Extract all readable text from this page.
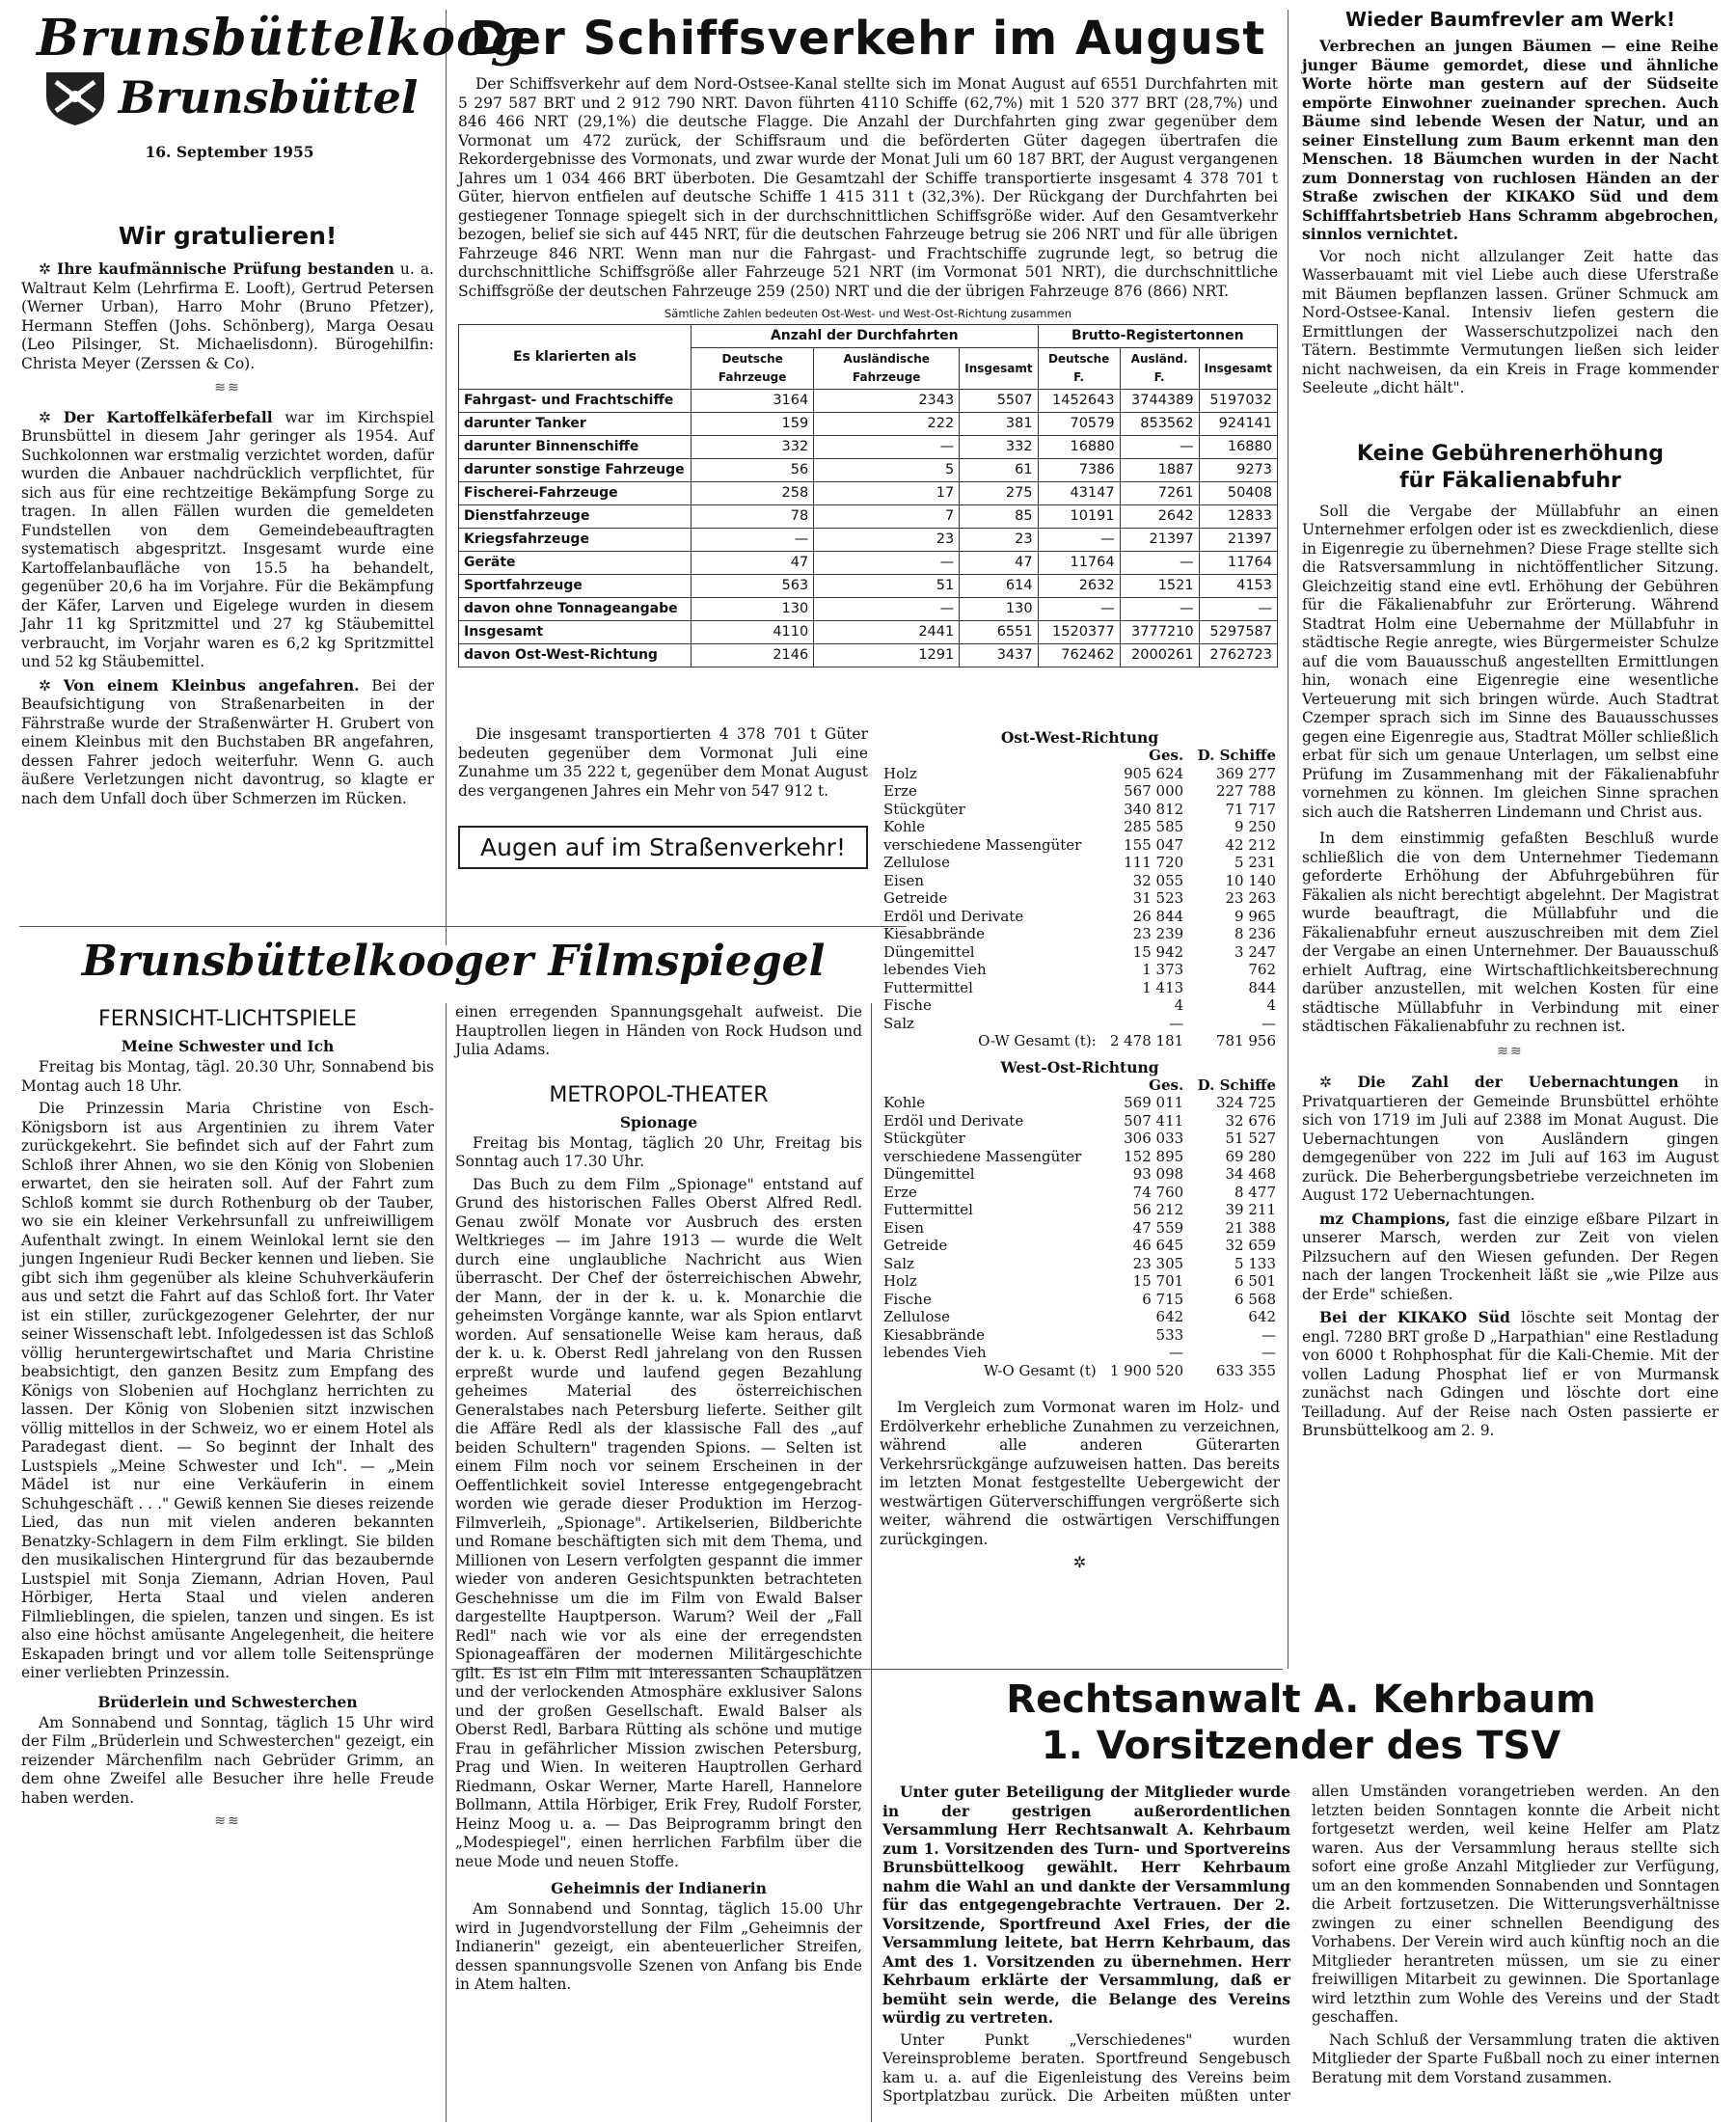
Brunsbüttelkoog
Brunsbüttel
16. September 1955
Wir gratulieren!

✲ Ihre kaufmännische Prüfung bestanden u. a. Waltraut Kelm (Lehrfirma E. Looft), Gertrud Petersen (Werner Urban), Harro Mohr (Bruno Pfetzer), Hermann Steffen (Johs. Schönberg), Marga Oesau (Leo Pilsinger, St. Michaelisdonn). Bürogehilfin: Christa Meyer (Zerssen & Co).

≋≋

✲ Der Kartoffelkäferbefall war im Kirchspiel Brunsbüttel in diesem Jahr geringer als 1954. Auf Suchkolonnen war erstmalig verzichtet worden, dafür wurden die Anbauer nachdrücklich verpflichtet, für sich aus für eine rechtzeitige Bekämpfung Sorge zu tragen. In allen Fällen wurden die gemeldeten Fundstellen von dem Gemeindebeauftragten systematisch abgespritzt. Insgesamt wurde eine Kartoffelanbaufläche von 15.5 ha behandelt, gegenüber 20,6 ha im Vorjahre. Für die Bekämpfung der Käfer, Larven und Eigelege wurden in diesem Jahr 11 kg Spritzmittel und 27 kg Stäubemittel verbraucht, im Vorjahr waren es 6,2 kg Spritzmittel und 52 kg Stäubemittel.

✲ Von einem Kleinbus angefahren. Bei der Beaufsichtigung von Straßenarbeiten in der Fährstraße wurde der Straßenwärter H. Grubert von einem Kleinbus mit den Buchstaben BR angefahren, dessen Fahrer jedoch weiterfuhr. Wenn G. auch äußere Verletzungen nicht davontrug, so klagte er nach dem Unfall doch über Schmerzen im Rücken.

Der Schiffsverkehr im August

Der Schiffsverkehr auf dem Nord-Ostsee-Kanal stellte sich im Monat August auf 6551 Durchfahrten mit 5 297 587 BRT und 2 912 790 NRT. Davon führten 4110 Schiffe (62,7%) mit 1 520 377 BRT (28,7%) und 846 466 NRT (29,1%) die deutsche Flagge. Die Anzahl der Durchfahrten ging zwar gegenüber dem Vormonat um 472 zurück, der Schiffsraum und die beförderten Güter dagegen übertrafen die Rekordergebnisse des Vormonats, und zwar wurde der Monat Juli um 60 187 BRT, der August vergangenen Jahres um 1 034 466 BRT überboten. Die Gesamtzahl der Schiffe transportierte insgesamt 4 378 701 t Güter, hiervon entfielen auf deutsche Schiffe 1 415 311 t (32,3%). Der Rückgang der Durchfahrten bei gestiegener Tonnage spiegelt sich in der durchschnittlichen Schiffsgröße wider. Auf den Gesamtverkehr bezogen, belief sie sich auf 445 NRT, für die deutschen Fahrzeuge betrug sie 206 NRT und für alle übrigen Fahrzeuge 846 NRT. Wenn man nur die Fahrgast- und Frachtschiffe zugrunde legt, so betrug die durchschnittliche Schiffsgröße aller Fahrzeuge 521 NRT (im Vormonat 501 NRT), die durchschnittliche Schiffsgröße der deutschen Fahrzeuge 259 (250) NRT und die der übrigen Fahrzeuge 876 (866) NRT.

Sämtliche Zahlen bedeuten Ost-West- und West-Ost-Richtung zusammen
Es klarierten als	Anzahl der Durchfahrten			Brutto-Registertonnen		
	Deutsche Fahrzeuge	Ausländische Fahrzeuge	Insgesamt	Deutsche F.	Ausländ. F.	Insgesamt
Fahrgast- und Frachtschiffe	3164	2343	5507	1452643	3744389	5197032
darunter Tanker	159	222	381	70579	853562	924141
darunter Binnenschiffe	332	—	332	16880	—	16880
darunter sonstige Fahrzeuge	56	5	61	7386	1887	9273
Fischerei-Fahrzeuge	258	17	275	43147	7261	50408
Dienstfahrzeuge	78	7	85	10191	2642	12833
Kriegsfahrzeuge	—	23	23	—	21397	21397
Geräte	47	—	47	11764	—	11764
Sportfahrzeuge	563	51	614	2632	1521	4153
davon ohne Tonnageangabe	130	—	130	—	—	—
Insgesamt	4110	2441	6551	1520377	3777210	5297587
davon Ost-West-Richtung	2146	1291	3437	762462	2000261	2762723

Die insgesamt transportierten 4 378 701 t Güter bedeuten gegenüber dem Vormonat Juli eine Zunahme um 35 222 t, gegenüber dem Monat August des vergangenen Jahres ein Mehr von 547 912 t.

Augen auf im Straßenverkehr!
Ost-West-Richtung
	Ges.	D. Schiffe
Holz	905 624	369 277
Erze	567 000	227 788
Stückgüter	340 812	71 717
Kohle	285 585	9 250
verschiedene Massengüter	155 047	42 212
Zellulose	111 720	5 231
Eisen	32 055	10 140
Getreide	31 523	23 263
Erdöl und Derivate	26 844	9 965
Kiesabbrände	23 239	8 236
Düngemittel	15 942	3 247
lebendes Vieh	1 373	762
Futtermittel	1 413	844
Fische	4	4
Salz	—	—
O-W Gesamt (t):	2 478 181	781 956
West-Ost-Richtung
	Ges.	D. Schiffe
Kohle	569 011	324 725
Erdöl und Derivate	507 411	32 676
Stückgüter	306 033	51 527
verschiedene Massengüter	152 895	69 280
Düngemittel	93 098	34 468
Erze	74 760	8 477
Futtermittel	56 212	39 211
Eisen	47 559	21 388
Getreide	46 645	32 659
Salz	23 305	5 133
Holz	15 701	6 501
Fische	6 715	6 568
Zellulose	642	642
Kiesabbrände	533	—
lebendes Vieh	—	—
W-O Gesamt (t)	1 900 520	633 355

Im Vergleich zum Vormonat waren im Holz- und Erdölverkehr erhebliche Zunahmen zu verzeichnen, während alle anderen Güterarten Verkehrsrückgänge aufzuweisen hatten. Das bereits im letzten Monat festgestellte Uebergewicht der westwärtigen Güterverschiffungen vergrößerte sich weiter, während die ostwärtigen Verschiffungen zurückgingen.

✲
Wieder Baumfrevler am Werk!

Verbrechen an jungen Bäumen — eine Reihe junger Bäume gemordet, diese und ähnliche Worte hörte man gestern auf der Südseite empörte Einwohner zueinander sprechen. Auch Bäume sind lebende Wesen der Natur, und an seiner Einstellung zum Baum erkennt man den Menschen. 18 Bäumchen wurden in der Nacht zum Donnerstag von ruchlosen Händen an der Straße zwischen der KIKAKO Süd und dem Schifffahrtsbetrieb Hans Schramm abgebrochen, sinnlos vernichtet.

Vor noch nicht allzulanger Zeit hatte das Wasserbauamt mit viel Liebe auch diese Uferstraße mit Bäumen bepflanzen lassen. Grüner Schmuck am Nord-Ostsee-Kanal. Intensiv liefen gestern die Ermittlungen der Wasserschutzpolizei nach den Tätern. Bestimmte Vermutungen ließen sich leider nicht nachweisen, da ein Kreis in Frage kommender Seeleute „dicht hält".

Keine Gebührenerhöhung
für Fäkalienabfuhr

Soll die Vergabe der Müllabfuhr an einen Unternehmer erfolgen oder ist es zweckdienlich, diese in Eigenregie zu übernehmen? Diese Frage stellte sich die Ratsversammlung in nichtöffentlicher Sitzung. Gleichzeitig stand eine evtl. Erhöhung der Gebühren für die Fäkalienabfuhr zur Erörterung. Während Stadtrat Holm eine Uebernahme der Müllabfuhr in städtische Regie anregte, wies Bürgermeister Schulze auf die vom Bauausschuß angestellten Ermittlungen hin, wonach eine Eigenregie eine wesentliche Verteuerung mit sich bringen würde. Auch Stadtrat Czemper sprach sich im Sinne des Bauausschusses gegen eine Eigenregie aus, Stadtrat Möller schließlich erbat für sich um genaue Unterlagen, um selbst eine Prüfung im Zusammenhang mit der Fäkalienabfuhr vornehmen zu können. Im gleichen Sinne sprachen sich auch die Ratsherren Lindemann und Christ aus.

In dem einstimmig gefaßten Beschluß wurde schließlich die von dem Unternehmer Tiedemann geforderte Erhöhung der Abfuhrgebühren für Fäkalien als nicht berechtigt abgelehnt. Der Magistrat wurde beauftragt, die Müllabfuhr und die Fäkalienabfuhr erneut auszuschreiben mit dem Ziel der Vergabe an einen Unternehmer. Der Bauausschuß erhielt Auftrag, eine Wirtschaftlichkeitsberechnung darüber anzustellen, mit welchen Kosten für eine städtische Müllabfuhr in Verbindung mit einer städtischen Fäkalienabfuhr zu rechnen ist.

≋≋

✲ Die Zahl der Uebernachtungen in Privatquartieren der Gemeinde Brunsbüttel erhöhte sich von 1719 im Juli auf 2388 im Monat August. Die Uebernachtungen von Ausländern gingen demgegenüber von 222 im Juli auf 163 im August zurück. Die Beherbergungsbetriebe verzeichneten im August 172 Uebernachtungen.

mz Champions, fast die einzige eßbare Pilzart in unserer Marsch, werden zur Zeit von vielen Pilzsuchern auf den Wiesen gefunden. Der Regen nach der langen Trockenheit läßt sie „wie Pilze aus der Erde" schießen.

Bei der KIKAKO Süd löschte seit Montag der engl. 7280 BRT große D „Harpathian" eine Restladung von 6000 t Rohphosphat für die Kali-Chemie. Mit der vollen Ladung Phosphat lief er von Murmansk zunächst nach Gdingen und löschte dort eine Teilladung. Auf der Reise nach Osten passierte er Brunsbüttelkoog am 2. 9.

Brunsbüttelkooger Filmspiegel
FERNSICHT-LICHTSPIELE
Meine Schwester und Ich

Freitag bis Montag, tägl. 20.30 Uhr, Sonnabend bis Montag auch 18 Uhr.

Die Prinzessin Maria Christine von Esch-Königsborn ist aus Argentinien zu ihrem Vater zurückgekehrt. Sie befindet sich auf der Fahrt zum Schloß ihrer Ahnen, wo sie den König von Slobenien erwartet, den sie heiraten soll. Auf der Fahrt zum Schloß kommt sie durch Rothenburg ob der Tauber, wo sie ein kleiner Verkehrsunfall zu unfreiwilligem Aufenthalt zwingt. In einem Weinlokal lernt sie den jungen Ingenieur Rudi Becker kennen und lieben. Sie gibt sich ihm gegenüber als kleine Schuhverkäuferin aus und setzt die Fahrt auf das Schloß fort. Ihr Vater ist ein stiller, zurückgezogener Gelehrter, der nur seiner Wissenschaft lebt. Infolgedessen ist das Schloß völlig heruntergewirtschaftet und Maria Christine beabsichtigt, den ganzen Besitz zum Empfang des Königs von Slobenien auf Hochglanz herrichten zu lassen. Der König von Slobenien sitzt inzwischen völlig mittellos in der Schweiz, wo er einem Hotel als Paradegast dient. — So beginnt der Inhalt des Lustspiels „Meine Schwester und Ich". — „Mein Mädel ist nur eine Verkäuferin in einem Schuhgeschäft . . ." Gewiß kennen Sie dieses reizende Lied, das nun mit vielen anderen bekannten Benatzky-Schlagern in dem Film erklingt. Sie bilden den musikalischen Hintergrund für das bezaubernde Lustspiel mit Sonja Ziemann, Adrian Hoven, Paul Hörbiger, Herta Staal und vielen anderen Filmlieblingen, die spielen, tanzen und singen. Es ist also eine höchst amüsante Angelegenheit, die heitere Eskapaden bringt und vor allem tolle Seitensprünge einer verliebten Prinzessin.

Brüderlein und Schwesterchen

Am Sonnabend und Sonntag, täglich 15 Uhr wird der Film „Brüderlein und Schwesterchen" gezeigt, ein reizender Märchenfilm nach Gebrüder Grimm, an dem ohne Zweifel alle Besucher ihre helle Freude haben werden.

≋≋

einen erregenden Spannungsgehalt aufweist. Die Hauptrollen liegen in Händen von Rock Hudson und Julia Adams.

METROPOL-THEATER
Spionage

Freitag bis Montag, täglich 20 Uhr, Freitag bis Sonntag auch 17.30 Uhr.

Das Buch zu dem Film „Spionage" entstand auf Grund des historischen Falles Oberst Alfred Redl. Genau zwölf Monate vor Ausbruch des ersten Weltkrieges — im Jahre 1913 — wurde die Welt durch eine unglaubliche Nachricht aus Wien überrascht. Der Chef der österreichischen Abwehr, der Mann, der in der k. u. k. Monarchie die geheimsten Vorgänge kannte, war als Spion entlarvt worden. Auf sensationelle Weise kam heraus, daß der k. u. k. Oberst Redl jahrelang von den Russen erpreßt wurde und laufend gegen Bezahlung geheimes Material des österreichischen Generalstabes nach Petersburg lieferte. Seither gilt die Affäre Redl als der klassische Fall des „auf beiden Schultern" tragenden Spions. — Selten ist einem Film noch vor seinem Erscheinen in der Oeffentlichkeit soviel Interesse entgegengebracht worden wie gerade dieser Produktion im Herzog-Filmverleih, „Spionage". Artikelserien, Bildberichte und Romane beschäftigten sich mit dem Thema, und Millionen von Lesern verfolgten gespannt die immer wieder von anderen Gesichtspunkten betrachteten Geschehnisse um die im Film von Ewald Balser dargestellte Hauptperson. Warum? Weil der „Fall Redl" nach wie vor als eine der erregendsten Spionageaffären der modernen Militärgeschichte gilt. Es ist ein Film mit interessanten Schauplätzen und der verlockenden Atmosphäre exklusiver Salons und der großen Gesellschaft. Ewald Balser als Oberst Redl, Barbara Rütting als schöne und mutige Frau in gefährlicher Mission zwischen Petersburg, Prag und Wien. In weiteren Hauptrollen Gerhard Riedmann, Oskar Werner, Marte Harell, Hannelore Bollmann, Attila Hörbiger, Erik Frey, Rudolf Forster, Heinz Moog u. a. — Das Beiprogramm bringt den „Modespiegel", einen herrlichen Farbfilm über die neue Mode und neuen Stoffe.

Geheimnis der Indianerin

Am Sonnabend und Sonntag, täglich 15.00 Uhr wird in Jugendvorstellung der Film „Geheimnis der Indianerin" gezeigt, ein abenteuerlicher Streifen, dessen spannungsvolle Szenen von Anfang bis Ende in Atem halten.

Rechtsanwalt A. Kehrbaum
1. Vorsitzender des TSV

Unter guter Beteiligung der Mitglieder wurde in der gestrigen außerordentlichen Versammlung Herr Rechtsanwalt A. Kehrbaum zum 1. Vorsitzenden des Turn- und Sportvereins Brunsbüttelkoog gewählt. Herr Kehrbaum nahm die Wahl an und dankte der Versammlung für das entgegengebrachte Vertrauen. Der 2. Vorsitzende, Sportfreund Axel Fries, der die Versammlung leitete, bat Herrn Kehrbaum, das Amt des 1. Vorsitzenden zu übernehmen. Herr Kehrbaum erklärte der Versammlung, daß er bemüht sein werde, die Belange des Vereins würdig zu vertreten.

Unter Punkt „Verschiedenes" wurden Vereinsprobleme beraten. Sportfreund Sengebusch kam u. a. auf die Eigenleistung des Vereins beim Sportplatzbau zurück. Die Arbeiten müßten unter allen Umständen vorangetrieben werden. An den letzten beiden Sonntagen konnte die Arbeit nicht fortgesetzt werden, weil keine Helfer am Platz waren. Aus der Versammlung heraus stellte sich sofort eine große Anzahl Mitglieder zur Verfügung, um an den kommenden Sonnabenden und Sonntagen die Arbeit fortzusetzen. Die Witterungsverhältnisse zwingen zu einer schnellen Beendigung des Vorhabens. Der Verein wird auch künftig noch an die Mitglieder herantreten müssen, um sie zu einer freiwilligen Mitarbeit zu gewinnen. Die Sportanlage wird letzthin zum Wohle des Vereins und der Stadt geschaffen.

Nach Schluß der Versammlung traten die aktiven Mitglieder der Sparte Fußball noch zu einer internen Beratung mit dem Vorstand zusammen.
